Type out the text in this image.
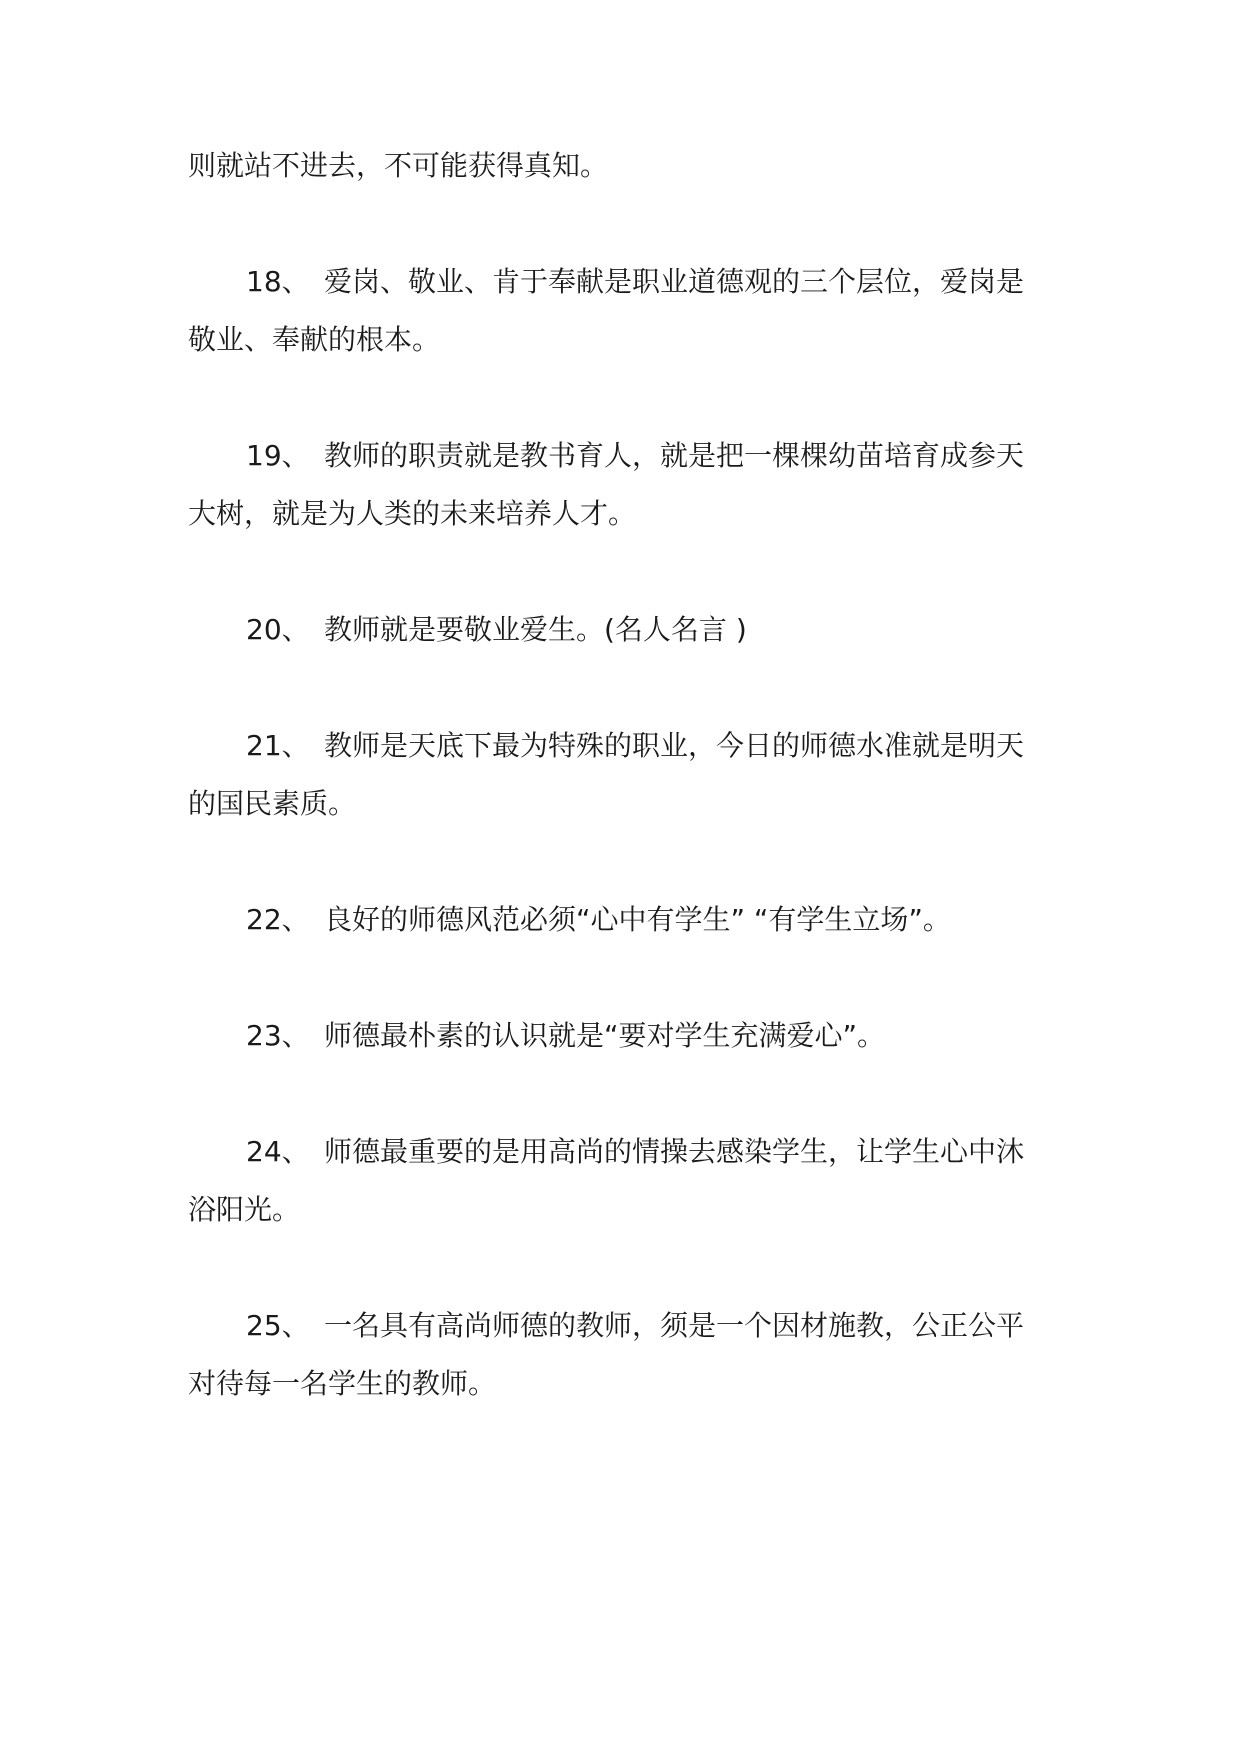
则就站不进去，不可能获得真知。
18、 爱岗、敬业、肯于奉献是职业道德观的三个层位，爱岗是
敬业、奉献的根本。
19、 教师的职责就是教书育人，就是把一棵棵幼苗培育成参天
大树，就是为人类的未来培养人才。
20、 教师就是要敬业爱生。(名人名言 )
21、 教师是天底下最为特殊的职业，今日的师德水准就是明天
的国民素质。
22、 良好的师德风范必须“心中有学生” “有学生立场”。
23、 师德最朴素的认识就是“要对学生充满爱心”。
24、 师德最重要的是用高尚的情操去感染学生，让学生心中沐
浴阳光。
25、 一名具有高尚师德的教师，须是一个因材施教，公正公平
对待每一名学生的教师。
